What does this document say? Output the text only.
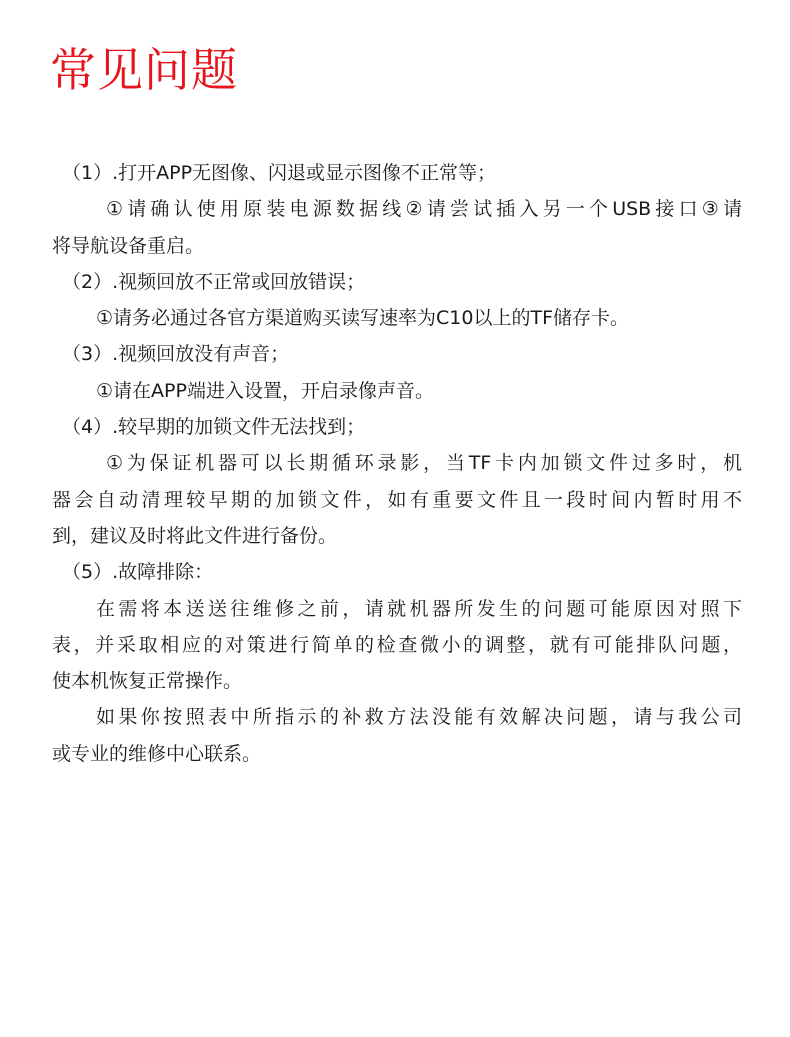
常见问题
（1）.打开APP无图像、闪退或显示图像不正常等；
①请确认使用原装电源数据线②请尝试插入另一个USB接口③请
将导航设备重启。
（2）.视频回放不正常或回放错误；
①请务必通过各官方渠道购买读写速率为C10以上的TF储存卡。
（3）.视频回放没有声音；
①请在APP端进入设置，开启录像声音。
（4）.较早期的加锁文件无法找到；
①为保证机器可以长期循环录影，当TF卡内加锁文件过多时，机
器会自动清理较早期的加锁文件，如有重要文件且一段时间内暂时用不
到，建议及时将此文件进行备份。
（5）.故障排除：
在需将本送送往维修之前，请就机器所发生的问题可能原因对照下
表，并采取相应的对策进行简单的检查微小的调整，就有可能排队问题，
使本机恢复正常操作。
如果你按照表中所指示的补救方法没能有效解决问题，请与我公司
或专业的维修中心联系。
